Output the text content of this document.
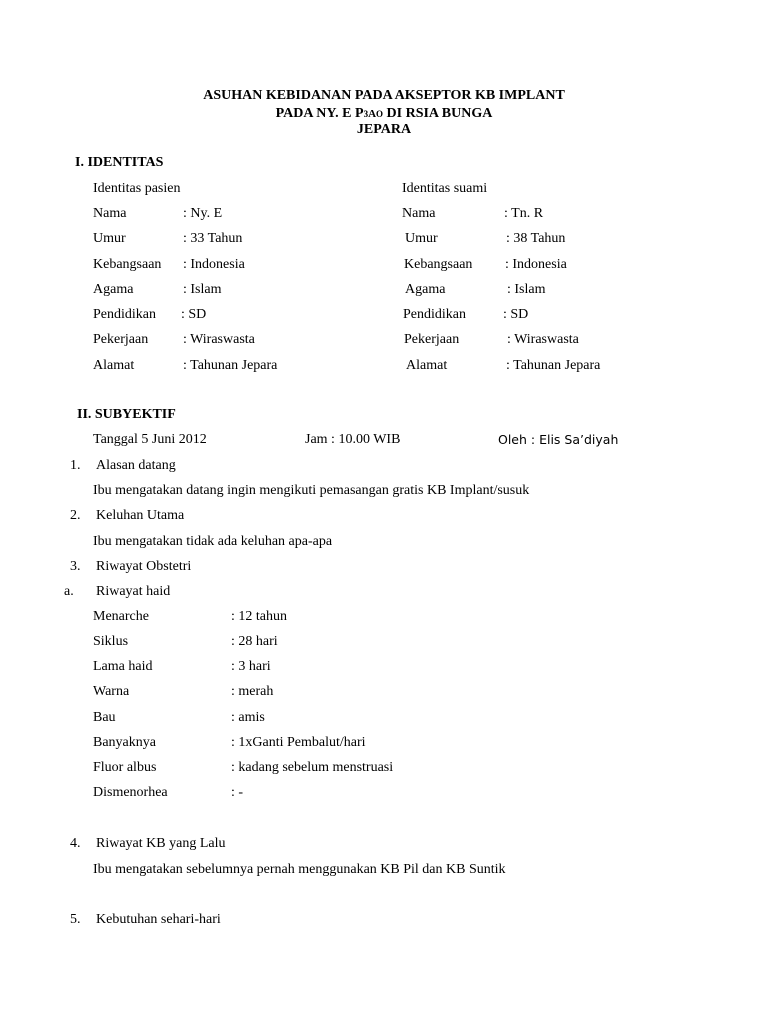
ASUHAN KEBIDANAN PADA AKSEPTOR KB IMPLANT
PADA NY. E P3AO DI RSIA BUNGA
JEPARA
I. IDENTITAS
Identitas pasien	Identitas suami
Nama	: Ny. E	Nama	: Tn. R
Umur	: 33 Tahun	Umur	: 38 Tahun
Kebangsaan : Indonesia	Kebangsaan : Indonesia
Agama	: Islam	Agama	: Islam
Pendidikan : SD	Pendidikan	: SD
Pekerjaan : Wiraswasta	Pekerjaan	: Wiraswasta
Alamat	: Tahunan Jepara	Alamat	: Tahunan Jepara
II. SUBYEKTIF
Tanggal 5 Juni 2012	Jam : 10.00 WIB	Oleh : Elis Sa’diyah
1. Alasan datang
Ibu mengatakan datang ingin mengikuti pemasangan gratis KB Implant/susuk
2. Keluhan Utama
Ibu mengatakan tidak ada keluhan apa-apa
3. Riwayat Obstetri
a. Riwayat haid
Menarche	: 12 tahun
Siklus	: 28 hari
Lama haid	: 3 hari
Warna	: merah
Bau	: amis
Banyaknya	: 1xGanti Pembalut/hari
Fluor albus	: kadang sebelum menstruasi
Dismenorhea	: -
4. Riwayat KB yang Lalu
Ibu mengatakan sebelumnya pernah menggunakan KB Pil dan KB Suntik
5. Kebutuhan sehari-hari
